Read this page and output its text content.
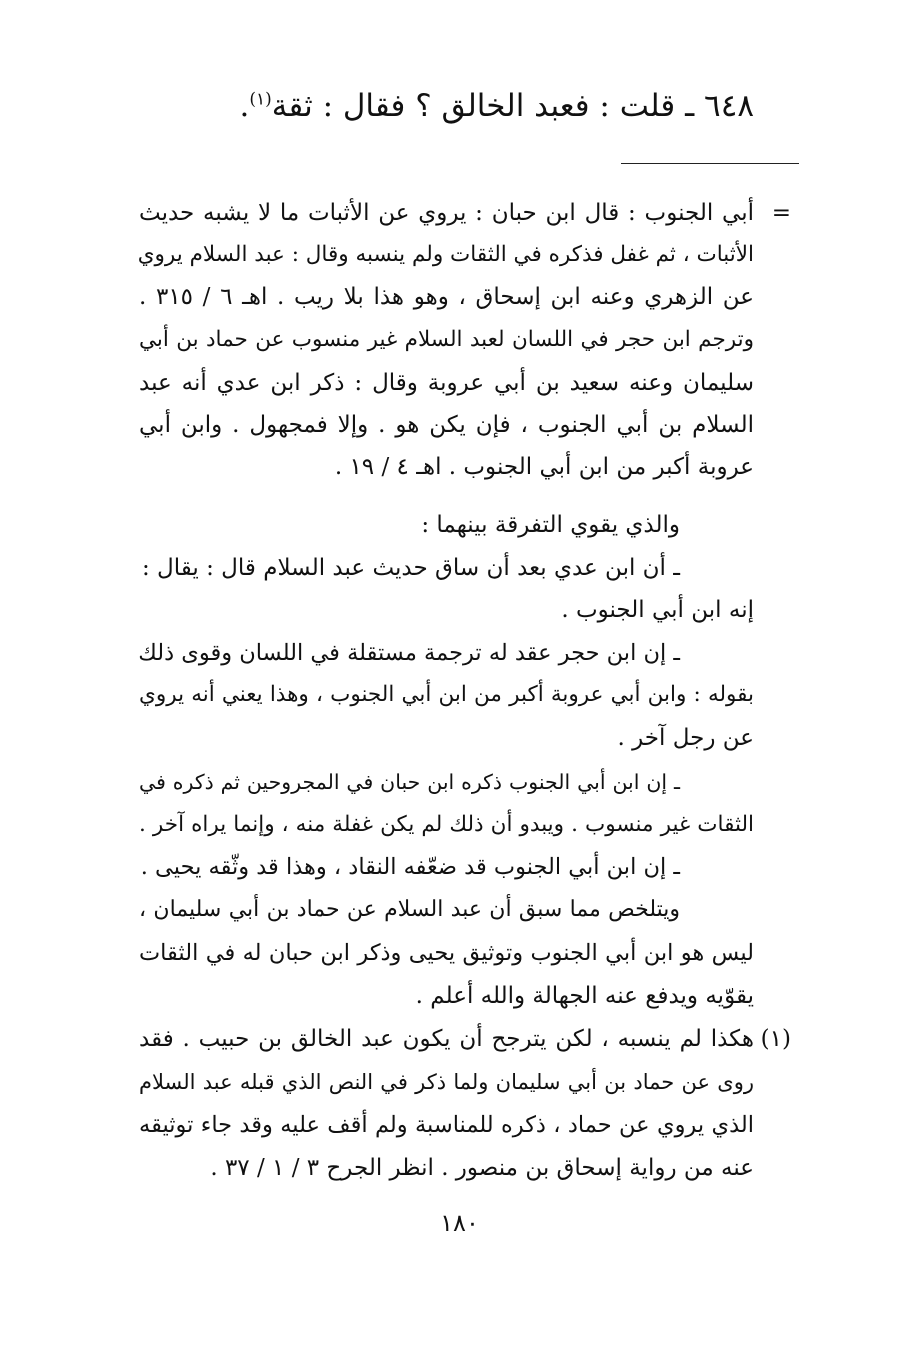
٦٤٨ ـ قلت : فعبد الخالق ؟ فقال : ثقة$^{(١)}$.
=
أبي الجنوب : قال ابن حبان : يروي عن الأثبات ما لا يشبه حديث
الأثبات ، ثم غفل فذكره في الثقات ولم ينسبه وقال : عبد السلام يروي
عن الزهري وعنه ابن إسحاق ، وهو هذا بلا ريب . اهـ ٦ / ٣١٥ .
وترجم ابن حجر في اللسان لعبد السلام غير منسوب عن حماد بن أبي
سليمان وعنه سعيد بن أبي عروبة وقال : ذكر ابن عدي أنه عبد
السلام بن أبي الجنوب ، فإن يكن هو . وإلا فمجهول . وابن أبي
عروبة أكبر من ابن أبي الجنوب . اهـ ٤ / ١٩ .
والذي يقوي التفرقة بينهما :
ـ أن ابن عدي بعد أن ساق حديث عبد السلام قال : يقال :
إنه ابن أبي الجنوب .
ـ إن ابن حجر عقد له ترجمة مستقلة في اللسان وقوى ذلك
بقوله : وابن أبي عروبة أكبر من ابن أبي الجنوب ، وهذا يعني أنه يروي
عن رجل آخر .
ـ إن ابن أبي الجنوب ذكره ابن حبان في المجروحين ثم ذكره في
الثقات غير منسوب . ويبدو أن ذلك لم يكن غفلة منه ، وإنما يراه آخر .
ـ إن ابن أبي الجنوب قد ضعّفه النقاد ، وهذا قد وثّقه يحيى .
ويتلخص مما سبق أن عبد السلام عن حماد بن أبي سليمان ،
ليس هو ابن أبي الجنوب وتوثيق يحيى وذكر ابن حبان له في الثقات
يقوّيه ويدفع عنه الجهالة والله أعلم .
(١)
هكذا لم ينسبه ، لكن يترجح أن يكون عبد الخالق بن حبيب . فقد
روى عن حماد بن أبي سليمان ولما ذكر في النص الذي قبله عبد السلام
الذي يروي عن حماد ، ذكره للمناسبة ولم أقف عليه وقد جاء توثيقه
عنه من رواية إسحاق بن منصور . انظر الجرح ٣ / ١ / ٣٧ .
١٨٠
